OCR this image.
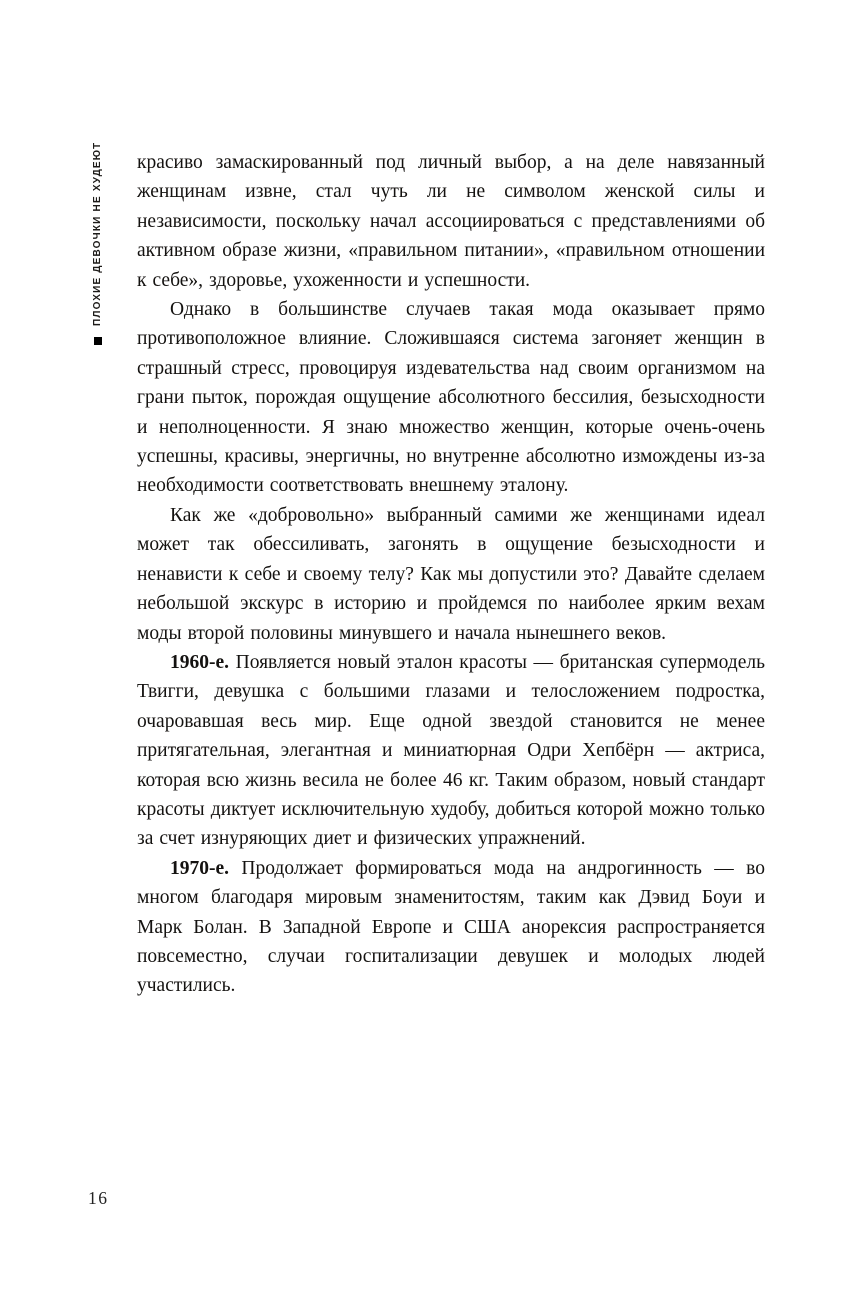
ПЛОХИЕ ДЕВОЧКИ НЕ ХУДЕЮТ красиво замаскированный под личный выбор, а на деле навязанный женщинам извне, стал чуть ли не символом женской силы и независимости, поскольку начал ассоциироваться с представлениями об активном образе жизни, «правильном питании», «правильном отношении к себе», здоровье, ухоженности и успешности.

Однако в большинстве случаев такая мода оказывает прямо противоположное влияние. Сложившаяся система загоняет женщин в страшный стресс, провоцируя издевательства над своим организмом на грани пыток, порождая ощущение абсолютного бессилия, безысходности и неполноценности. Я знаю множество женщин, которые очень-очень успешны, красивы, энергичны, но внутренне абсолютно измождены из-за необходимости соответствовать внешнему эталону.

Как же «добровольно» выбранный самими же женщинами идеал может так обессиливать, загонять в ощущение безысходности и ненависти к себе и своему телу? Как мы допустили это? Давайте сделаем небольшой экскурс в историю и пройдемся по наиболее ярким вехам моды второй половины минувшего и начала нынешнего веков.

1960-е. Появляется новый эталон красоты — британская супермодель Твигги, девушка с большими глазами и телосложением подростка, очаровавшая весь мир. Еще одной звездой становится не менее притягательная, элегантная и миниатюрная Одри Хепбёрн — актриса, которая всю жизнь весила не более 46 кг. Таким образом, новый стандарт красоты диктует исключительную худобу, добиться которой можно только за счет изнуряющих диет и физических упражнений.

1970-е. Продолжает формироваться мода на андрогинность — во многом благодаря мировым знаменитостям, таким как Дэвид Боуи и Марк Болан. В Западной Европе и США анорексия распространяется повсеместно, случаи госпитализации девушек и молодых людей участились.

16
